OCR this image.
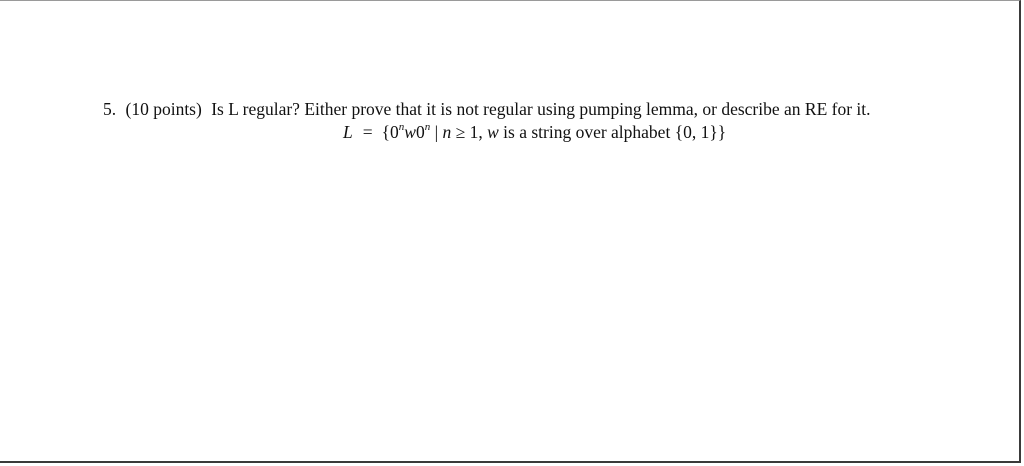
5. (10 points) Is L regular? Either prove that it is not regular using pumping lemma, or describe an RE for it.
$L = \{0^nw0^n$ | n ≥ 1, w is a string over alphabet {0, 1}}
